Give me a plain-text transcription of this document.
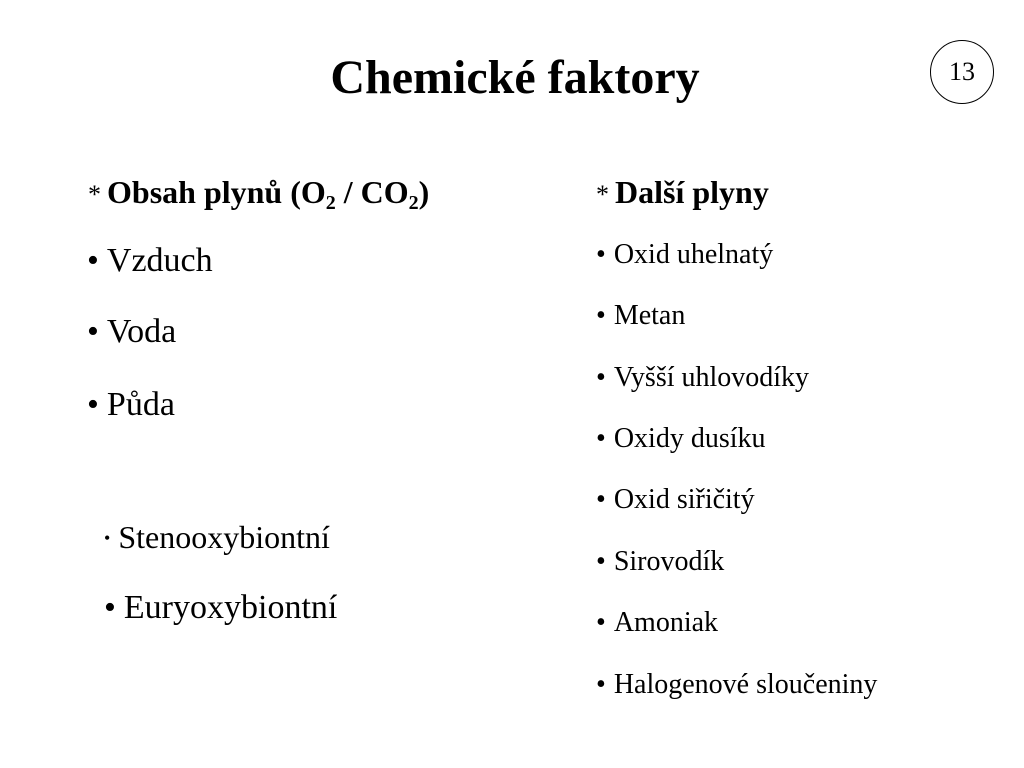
Chemické faktory	13
* Obsah plynů $(O_2 / CO_2)$
• Vzduch
• Voda
• Půda
• Stenooxybiontní
• Euryoxybiontní
* Další plyny
• Oxid uhelnatý
• Metan
• Vyšší uhlovodíky
• Oxidy dusíku
• Oxid siřičitý
• Sirovodík
• Amoniak
• Halogenové sloučeniny
